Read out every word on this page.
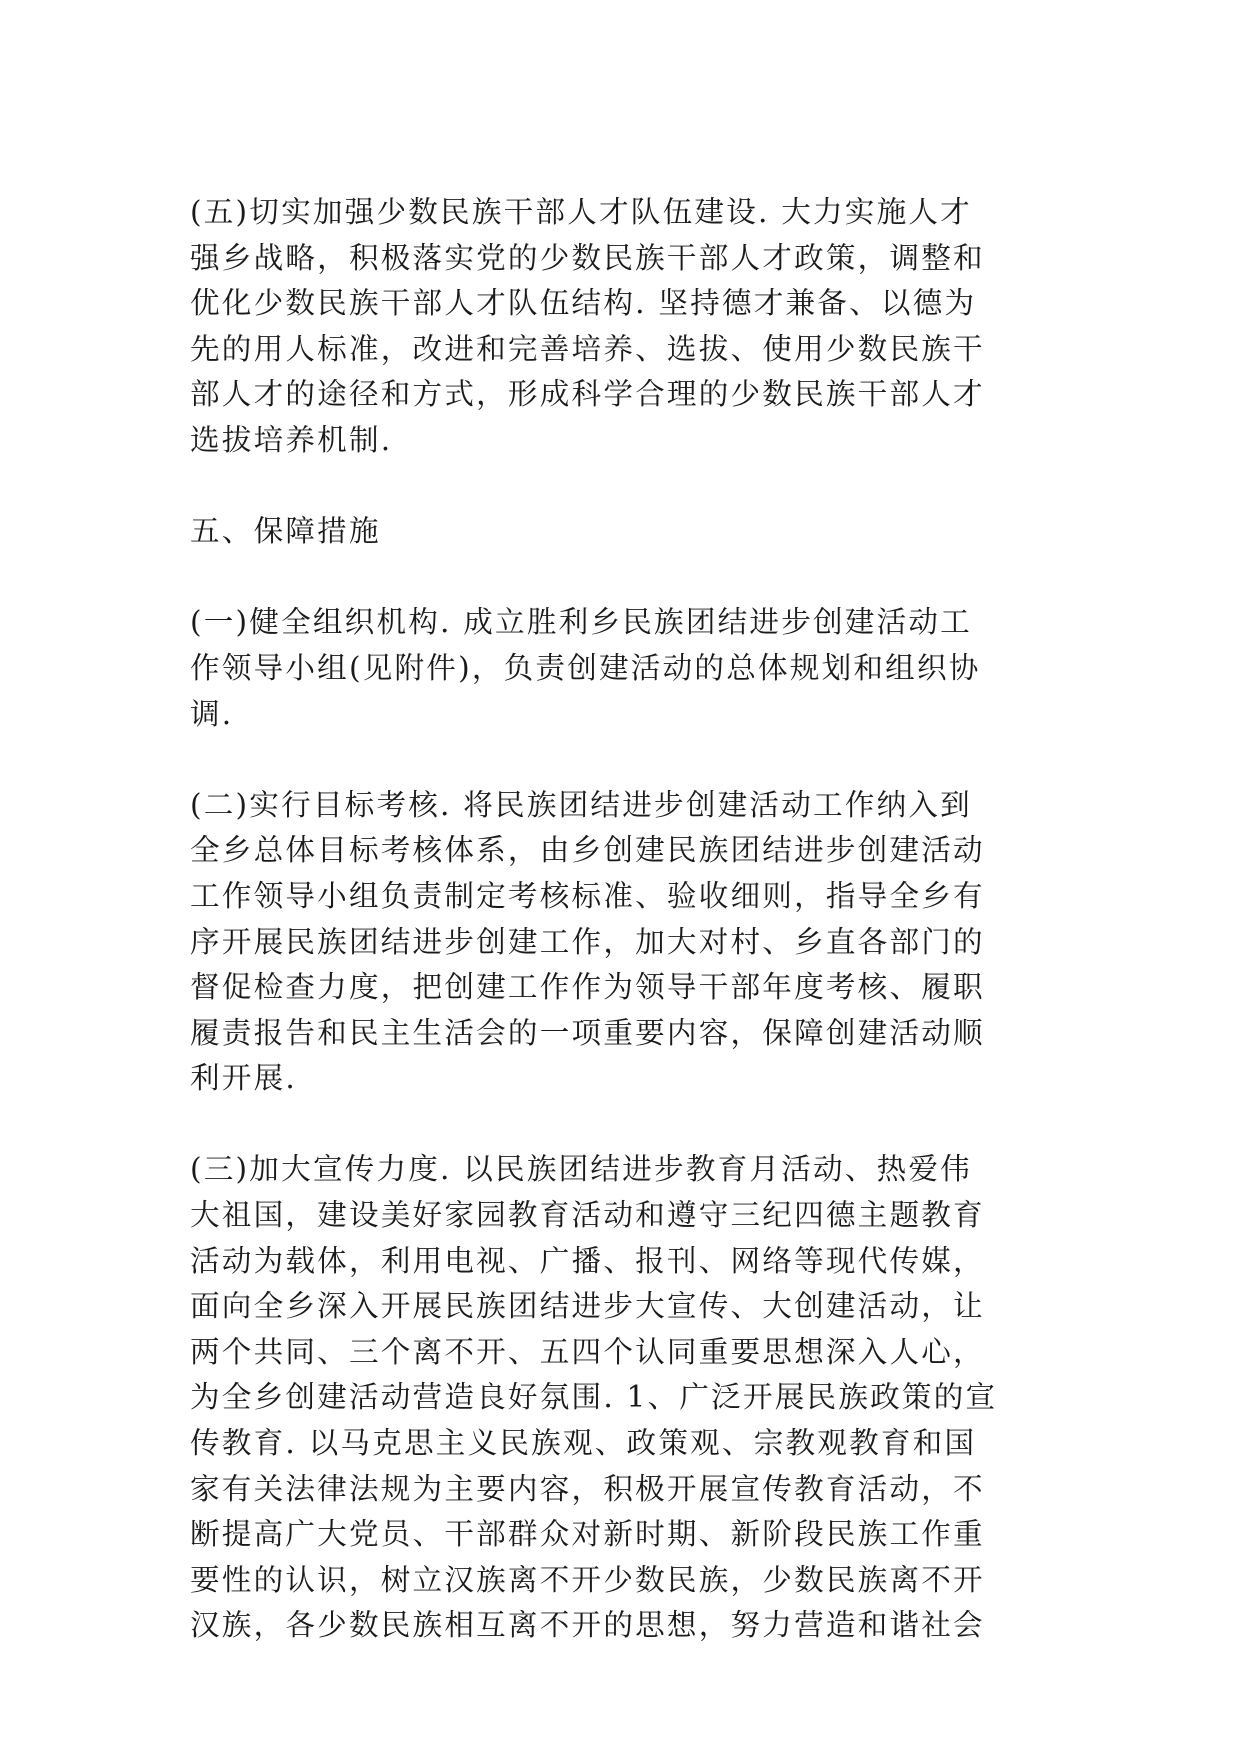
(五)切实加强少数民族干部人才队伍建设. 大力实施人才
强乡战略，积极落实党的少数民族干部人才政策，调整和
优化少数民族干部人才队伍结构. 坚持德才兼备、以德为
先的用人标准，改进和完善培养、选拔、使用少数民族干
部人才的途径和方式，形成科学合理的少数民族干部人才
选拔培养机制.

五、保障措施

(一)健全组织机构. 成立胜利乡民族团结进步创建活动工
作领导小组(见附件)，负责创建活动的总体规划和组织协
调.

(二)实行目标考核. 将民族团结进步创建活动工作纳入到
全乡总体目标考核体系，由乡创建民族团结进步创建活动
工作领导小组负责制定考核标准、验收细则，指导全乡有
序开展民族团结进步创建工作，加大对村、乡直各部门的
督促检查力度，把创建工作作为领导干部年度考核、履职
履责报告和民主生活会的一项重要内容，保障创建活动顺
利开展.

(三)加大宣传力度. 以民族团结进步教育月活动、热爱伟
大祖国，建设美好家园教育活动和遵守三纪四德主题教育
活动为载体，利用电视、广播、报刊、网络等现代传媒，
面向全乡深入开展民族团结进步大宣传、大创建活动，让
两个共同、三个离不开、五四个认同重要思想深入人心，
为全乡创建活动营造良好氛围. 1、广泛开展民族政策的宣
传教育. 以马克思主义民族观、政策观、宗教观教育和国
家有关法律法规为主要内容，积极开展宣传教育活动，不
断提高广大党员、干部群众对新时期、新阶段民族工作重
要性的认识，树立汉族离不开少数民族，少数民族离不开
汉族，各少数民族相互离不开的思想，努力营造和谐社会
